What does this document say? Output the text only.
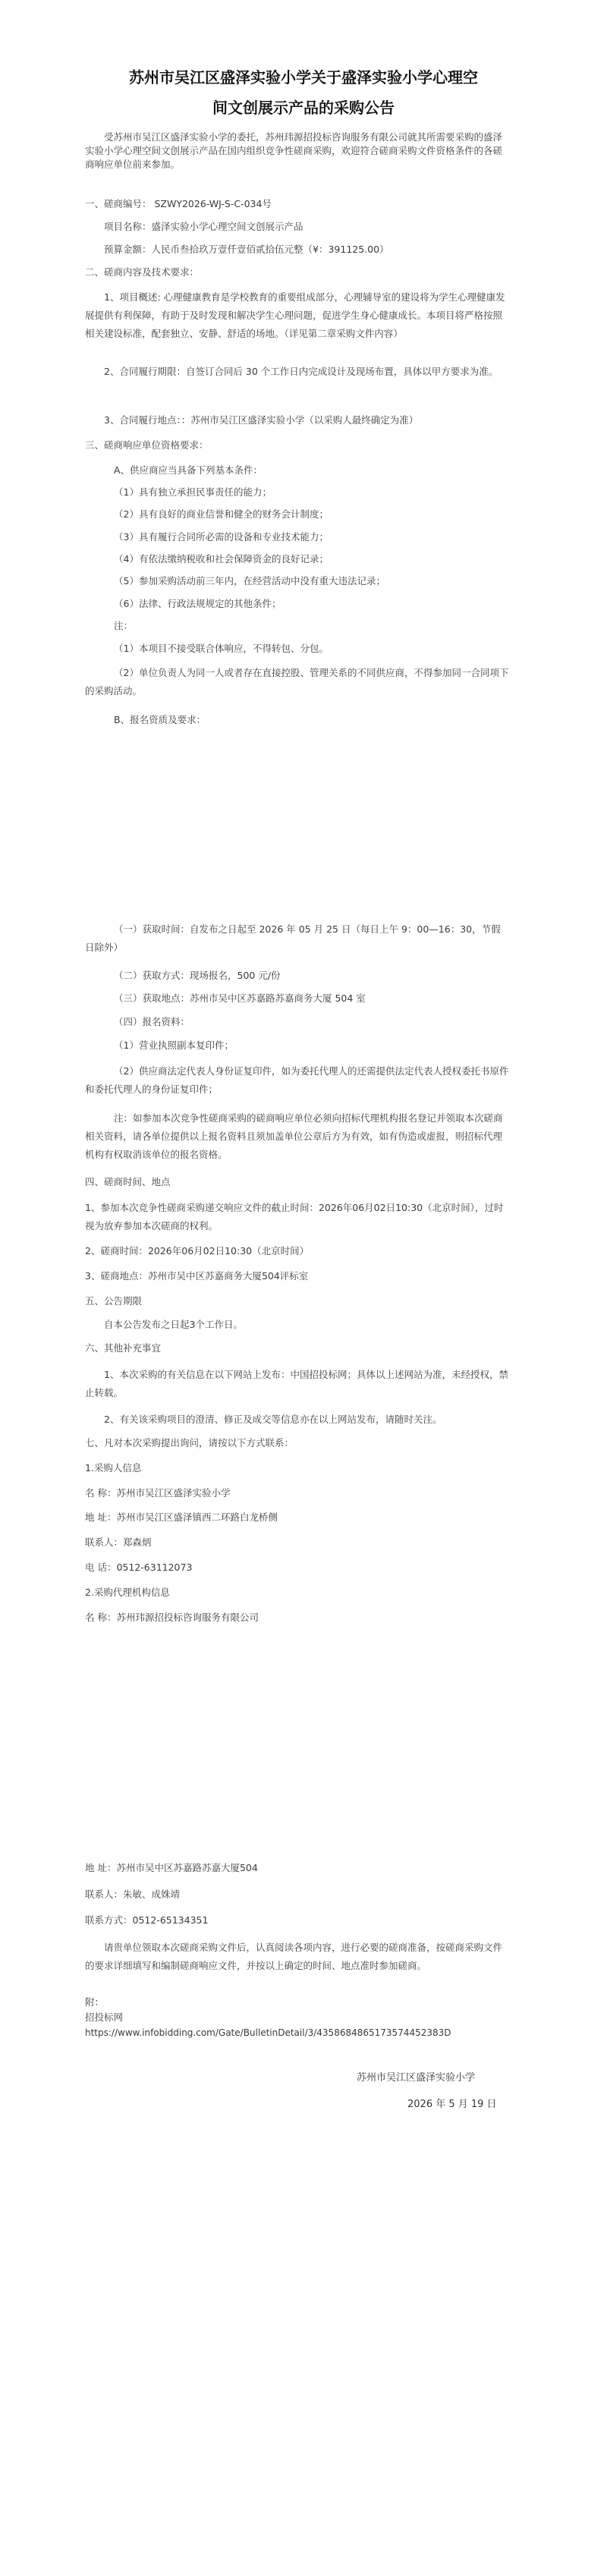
苏州市吴江区盛泽实验小学关于盛泽实验小学心理空
间文创展示产品的采购公告
受苏州市吴江区盛泽实验小学的委托，苏州玮源招投标咨询服务有限公司就其所需要采购的盛泽实验小学心理空间文创展示产品在国内组织竞争性磋商采购，欢迎符合磋商采购文件资格条件的各磋商响应单位前来参加。
一、磋商编号： SZWY2026-WJ-S-C-034号
项目名称：盛泽实验小学心理空间文创展示产品
预算金额：人民币叁拾玖万壹仟壹佰贰拾伍元整（¥：391125.00）
二、磋商内容及技术要求：
1、项目概述: 心理健康教育是学校教育的重要组成部分，心理辅导室的建设将为学生心理健康发展提供有利保障，有助于及时发现和解决学生心理问题，促进学生身心健康成长。本项目将严格按照相关建设标准，配套独立、安静、舒适的场地。（详见第二章采购文件内容）
2、合同履行期限：自签订合同后 30 个工作日内完成设计及现场布置，具体以甲方要求为准。
3、合同履行地点：：苏州市吴江区盛泽实验小学（以采购人最终确定为准）
三、磋商响应单位资格要求：
A、供应商应当具备下列基本条件：
（1）具有独立承担民事责任的能力；
（2）具有良好的商业信誉和健全的财务会计制度；
（3）具有履行合同所必需的设备和专业技术能力；
（4）有依法缴纳税收和社会保障资金的良好记录；
（5）参加采购活动前三年内，在经营活动中没有重大违法记录；
（6）法律、行政法规规定的其他条件；
注：
（1）本项目不接受联合体响应，不得转包、分包。
（2）单位负责人为同一人或者存在直接控股、管理关系的不同供应商，不得参加同一合同项下的采购活动。
B、报名资质及要求：
（一）获取时间：自发布之日起至 2026 年 05 月 25 日（每日上午 9：00—16：30，节假日除外）
（二）获取方式：现场报名，500 元/份
（三）获取地点：苏州市吴中区苏嘉路苏嘉商务大厦 504 室
（四）报名资料：
（1）营业执照副本复印件；
（2）供应商法定代表人身份证复印件，如为委托代理人的还需提供法定代表人授权委托书原件和委托代理人的身份证复印件；
注：如参加本次竞争性磋商采购的磋商响应单位必须向招标代理机构报名登记并领取本次磋商相关资料，请各单位提供以上报名资料且须加盖单位公章后方为有效，如有伪造或虚报，则招标代理机构有权取消该单位的报名资格。
四、磋商时间、地点
1、参加本次竞争性磋商采购递交响应文件的截止时间：2026年06月02日10:30（北京时间），过时视为放弃参加本次磋商的权利。
2、磋商时间：2026年06月02日10:30（北京时间）
3、磋商地点：苏州市吴中区苏嘉商务大厦504评标室
五、公告期限
自本公告发布之日起3个工作日。
六、其他补充事宜
1、本次采购的有关信息在以下网站上发布：中国招投标网；具体以上述网站为准，未经授权，禁止转载。
2、有关该采购项目的澄清、修正及成交等信息亦在以上网站发布，请随时关注。
七、凡对本次采购提出询问，请按以下方式联系：
1.采购人信息
名 称：苏州市吴江区盛泽实验小学
地 址：苏州市吴江区盛泽镇西二环路白龙桥侧
联系人：郑森炳
电 话：0512-63112073
2.采购代理机构信息
名 称：苏州玮源招投标咨询服务有限公司
地 址：苏州市吴中区苏嘉路苏嘉大厦504
联系人：朱敏、成姝靖
联系方式：0512-65134351
请贵单位领取本次磋商采购文件后，认真阅读各项内容，进行必要的磋商准备，按磋商采购文件的要求详细填写和编制磋商响应文件，并按以上确定的时间、地点准时参加磋商。
附：
招投标网
https://www.infobidding.com/Gate/BulletinDetail/3/4358684865173574452383D
苏州市吴江区盛泽实验小学
2026 年 5 月 19 日
